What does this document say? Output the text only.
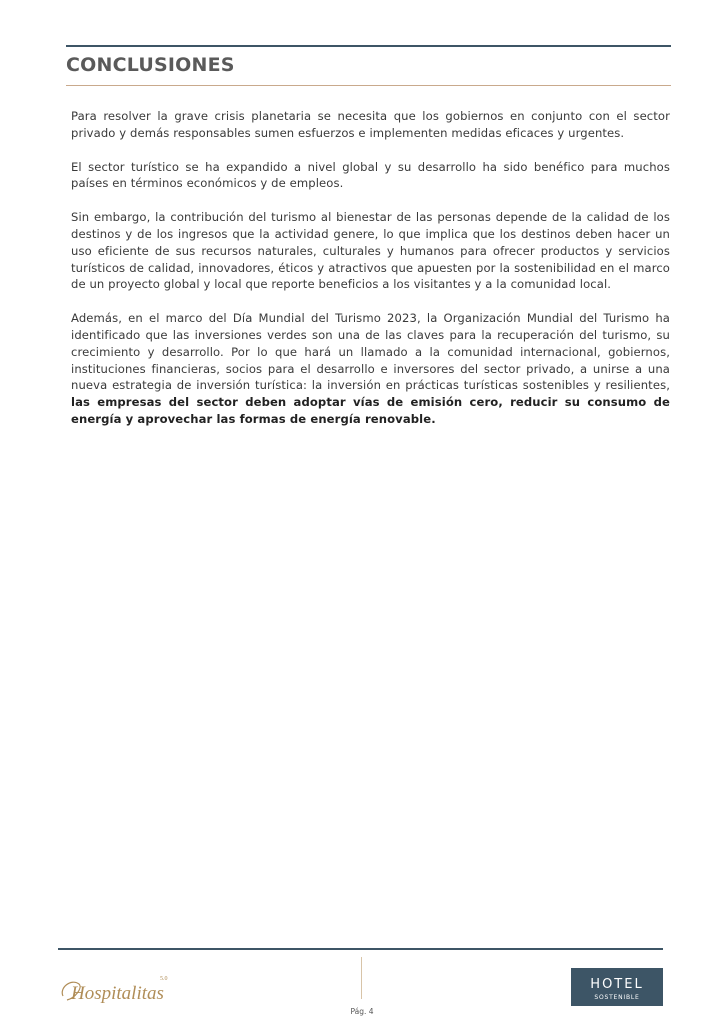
CONCLUSIONES

Para resolver la grave crisis planetaria se necesita que los gobiernos en conjunto con el sector privado y demás responsables sumen esfuerzos e implementen medidas eficaces y urgentes.

El sector turístico se ha expandido a nivel global y su desarrollo ha sido benéfico para muchos países en términos económicos y de empleos.

Sin embargo, la contribución del turismo al bienestar de las personas depende de la calidad de los destinos y de los ingresos que la actividad genere, lo que implica que los destinos deben hacer un uso eficiente de sus recursos naturales, culturales y humanos para ofrecer productos y servicios turísticos de calidad, innovadores, éticos y atractivos que apuesten por la sostenibilidad en el marco de un proyecto global y local que reporte beneficios a los visitantes y a la comunidad local.

Además, en el marco del Día Mundial del Turismo 2023, la Organización Mundial del Turismo ha identificado que las inversiones verdes son una de las claves para la recuperación del turismo, su crecimiento y desarrollo. Por lo que hará un llamado a la comunidad internacional, gobiernos, instituciones financieras, socios para el desarrollo e inversores del sector privado, a unirse a una nueva estrategia de inversión turística: la inversión en prácticas turísticas sostenibles y resilientes, las empresas del sector deben adoptar vías de emisión cero, reducir su consumo de energía y aprovechar las formas de energía renovable.

Hospitalitas
5.0
Pág. 4
HOTEL
SOSTENIBLE
